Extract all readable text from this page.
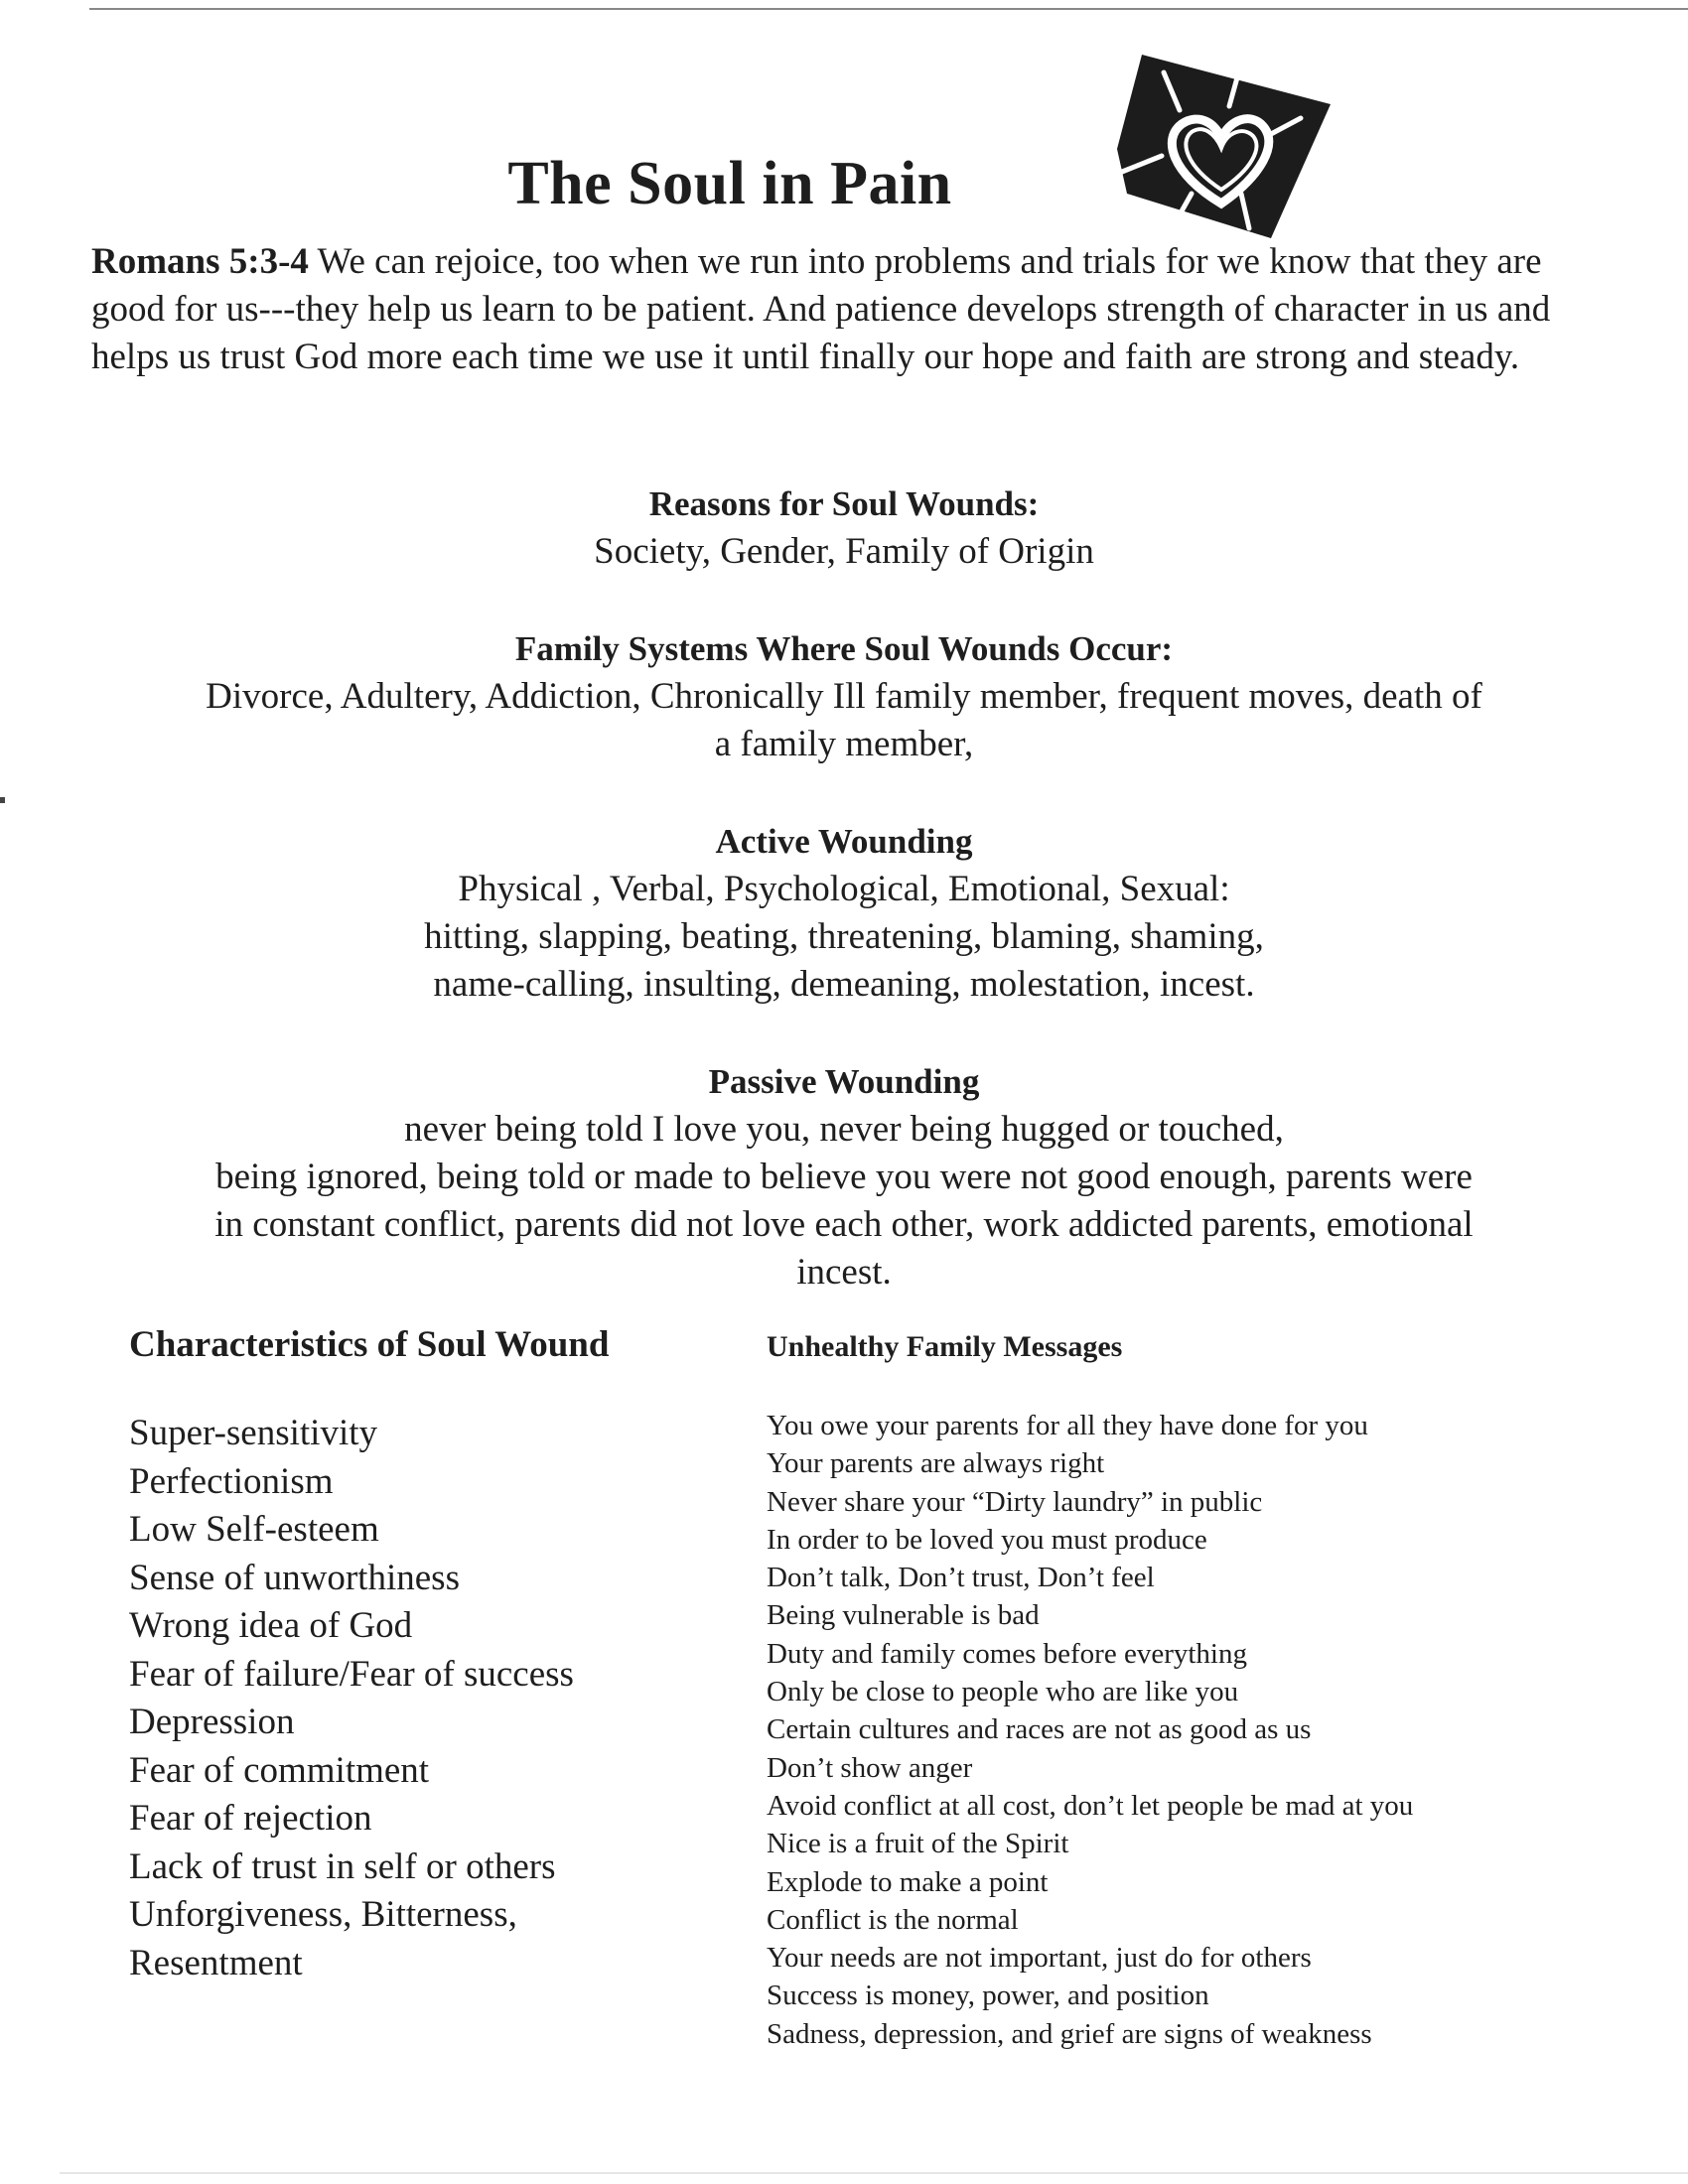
The Soul in Pain
Romans 5:3-4 We can rejoice, too when we run into problems and trials for we know that they are good for us---they help us learn to be patient. And patience develops strength of character in us and helps us trust God more each time we use it until finally our hope and faith are strong and steady.
Reasons for Soul Wounds:
Society, Gender, Family of Origin
Family Systems Where Soul Wounds Occur:
Divorce, Adultery, Addiction, Chronically Ill family member, frequent moves, death of
a family member,
Active Wounding
Physical , Verbal, Psychological, Emotional, Sexual:
hitting, slapping, beating, threatening, blaming, shaming,
name-calling, insulting, demeaning, molestation, incest.
Passive Wounding
never being told I love you, never being hugged or touched,
being ignored, being told or made to believe you were not good enough, parents were
in constant conflict, parents did not love each other, work addicted parents, emotional
incest.
Characteristics of Soul Wound
Super-sensitivity
Perfectionism
Low Self-esteem
Sense of unworthiness
Wrong idea of God
Fear of failure/Fear of success
Depression
Fear of commitment
Fear of rejection
Lack of trust in self or others
Unforgiveness, Bitterness,
Resentment
Unhealthy Family Messages
You owe your parents for all they have done for you
Your parents are always right
Never share your “Dirty laundry” in public
In order to be loved you must produce
Don’t talk, Don’t trust, Don’t feel
Being vulnerable is bad
Duty and family comes before everything
Only be close to people who are like you
Certain cultures and races are not as good as us
Don’t show anger
Avoid conflict at all cost, don’t let people be mad at you
Nice is a fruit of the Spirit
Explode to make a point
Conflict is the normal
Your needs are not important, just do for others
Success is money, power, and position
Sadness, depression, and grief are signs of weakness
